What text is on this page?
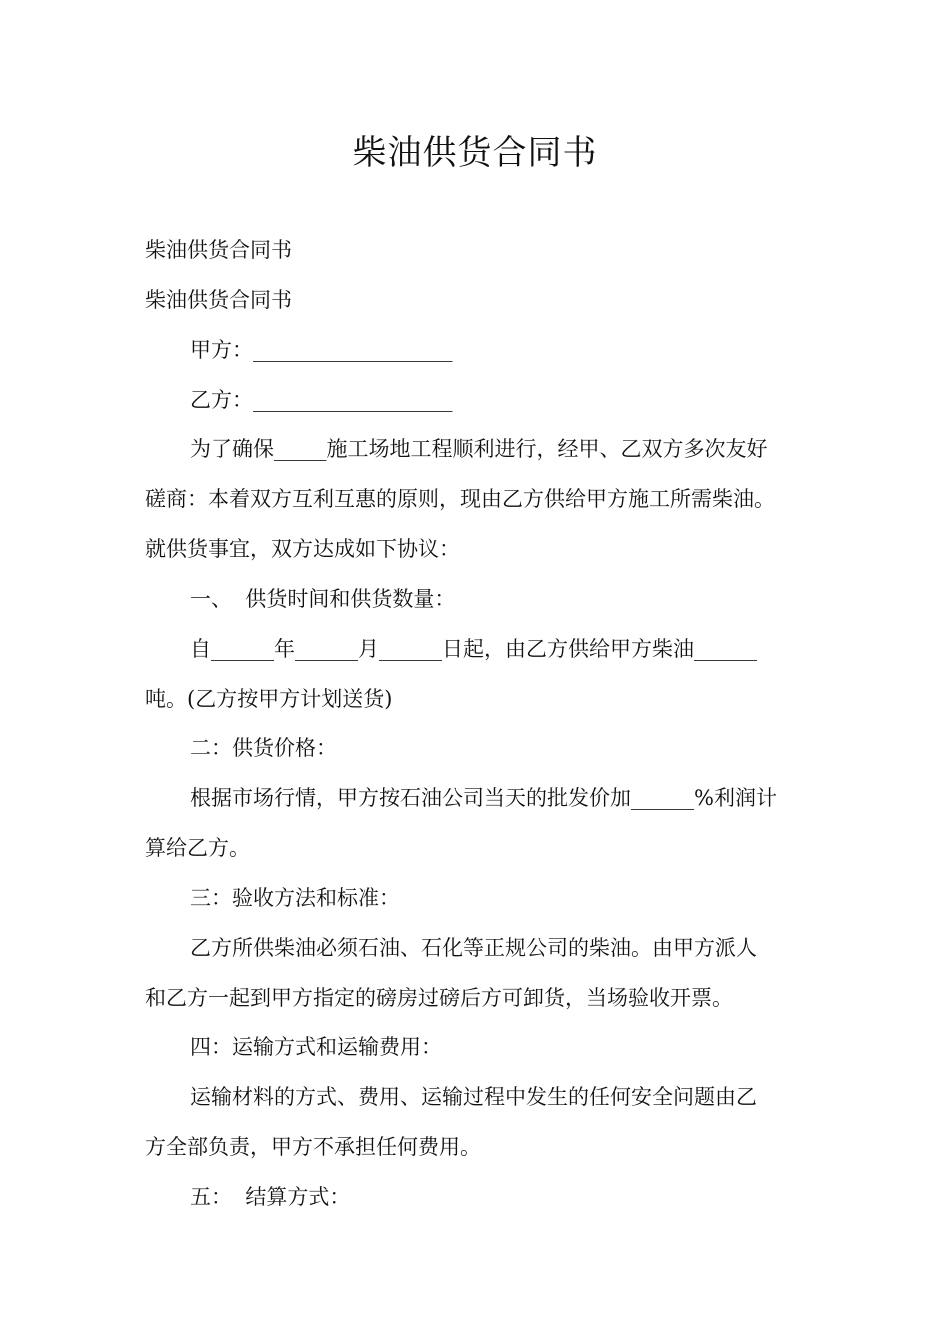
柴油供货合同书

柴油供货合同书

柴油供货合同书

甲方：___________________

乙方：___________________

为了确保_____施工场地工程顺利进行，经甲、乙双方多次友好

磋商：本着双方互利互惠的原则，现由乙方供给甲方施工所需柴油。

就供货事宜，双方达成如下协议：

一、  供货时间和供货数量：

自______年______月______日起，由乙方供给甲方柴油______

吨。(乙方按甲方计划送货)

二：供货价格：

根据市场行情，甲方按石油公司当天的批发价加______%利润计

算给乙方。

三：验收方法和标准：

乙方所供柴油必须石油、石化等正规公司的柴油。由甲方派人

和乙方一起到甲方指定的磅房过磅后方可卸货，当场验收开票。

四：运输方式和运输费用：

运输材料的方式、费用、运输过程中发生的任何安全问题由乙

方全部负责，甲方不承担任何费用。

五：  结算方式：
